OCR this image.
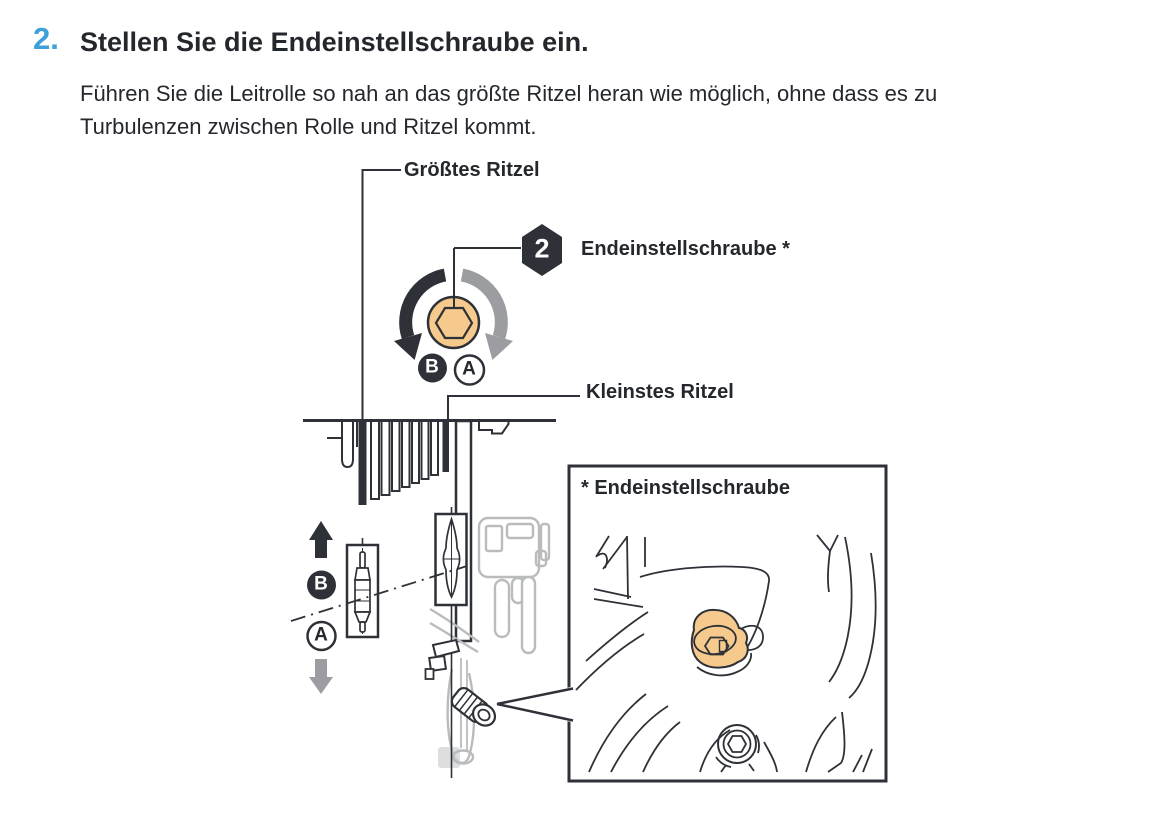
2. Stellen Sie die Endeinstellschraube ein.
Führen Sie die Leitrolle so nah an das größte Ritzel heran wie möglich, ohne dass es zu
Turbulenzen zwischen Rolle und Ritzel kommt.
Größtes Ritzel
2 Endeinstellschraube *
B A
Kleinstes Ritzel
B
A
* Endeinstellschraube
